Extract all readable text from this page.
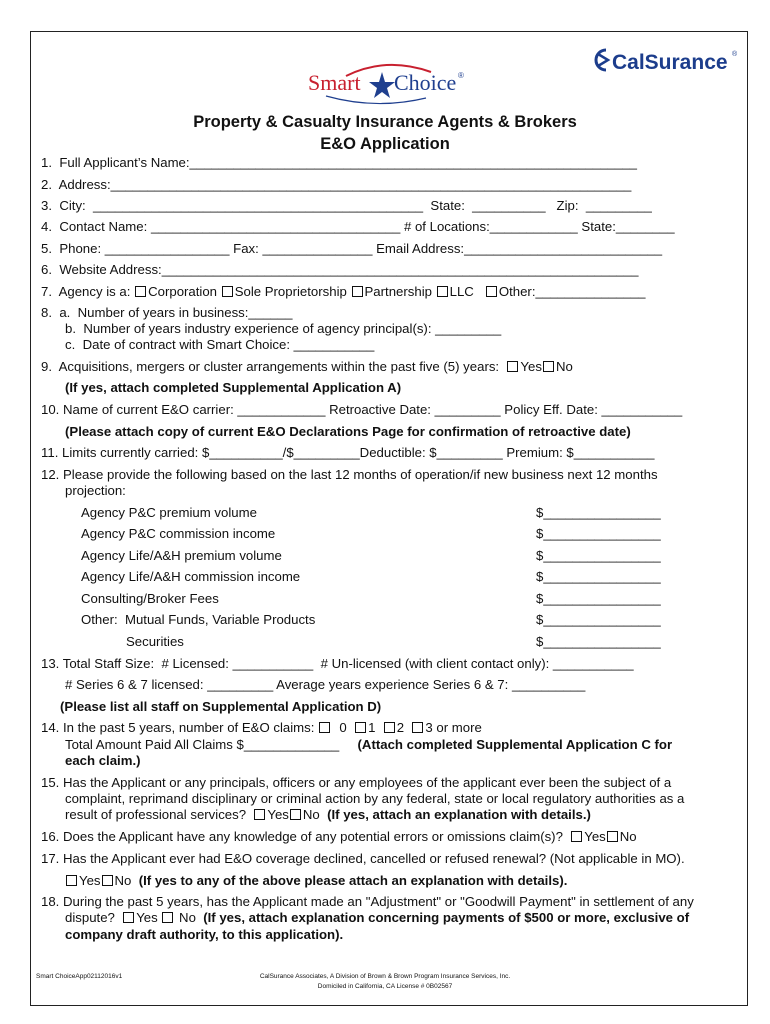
Smart Choice ®
CalSurance ®
Property & Casualty Insurance Agents & Brokers
E&O Application
1.  Full Applicant’s Name:_____________________________________________________________
2.  Address:_______________________________________________________________________
3.  City:  _____________________________________________  State:  __________   Zip:  _________
4.  Contact Name: __________________________________ # of Locations:____________ State:________
5.  Phone: _________________ Fax: _______________ Email Address:___________________________
6.  Website Address:_________________________________________________________________
7.  Agency is a: Corporation Sole Proprietorship Partnership LLC Other:_______________
8.  a.  Number of years in business:______
b.  Number of years industry experience of agency principal(s): _________
c.  Date of contract with Smart Choice: ___________
9.  Acquisitions, mergers or cluster arrangements within the past five (5) years: Yes No
(If yes, attach completed Supplemental Application A)
10. Name of current E&O carrier: ____________ Retroactive Date: _________ Policy Eff. Date: ___________
(Please attach copy of current E&O Declarations Page for confirmation of retroactive date)
11. Limits currently carried: $__________/$_________Deductible: $_________ Premium: $___________
12. Please provide the following based on the last 12 months of operation/if new business next 12 months
projection:
Agency P&C premium volume	$________________
Agency P&C commission income	$________________
Agency Life/A&H premium volume	$________________
Agency Life/A&H commission income	$________________
Consulting/Broker Fees	$________________
Other:  Mutual Funds, Variable Products	$________________
Securities	$________________
13. Total Staff Size:  # Licensed: ___________  # Un-licensed (with client contact only): ___________
# Series 6 & 7 licensed: _________ Average years experience Series 6 & 7: __________
(Please list all staff on Supplemental Application D)
14. In the past 5 years, number of E&O claims: 0 1 2 3 or more
Total Amount Paid All Claims $_____________ (Attach completed Supplemental Application C for
each claim.)
15. Has the Applicant or any principals, officers or any employees of the applicant ever been the subject of a
complaint, reprimand disciplinary or criminal action by any federal, state or local regulatory authorities as a
result of professional services? Yes No (If yes, attach an explanation with details.)
16. Does the Applicant have any knowledge of any potential errors or omissions claim(s)? Yes No
17. Has the Applicant ever had E&O coverage declined, cancelled or refused renewal? (Not applicable in MO).
Yes No (If yes to any of the above please attach an explanation with details).
18. During the past 5 years, has the Applicant made an "Adjustment" or "Goodwill Payment" in settlement of any
dispute? Yes No (If yes, attach explanation concerning payments of $500 or more, exclusive of
company draft authority, to this application).
Smart ChoiceApp02112016v1	CalSurance Associates, A Division of Brown & Brown Program Insurance Services, Inc.
Domiciled in California, CA License # 0B02567
